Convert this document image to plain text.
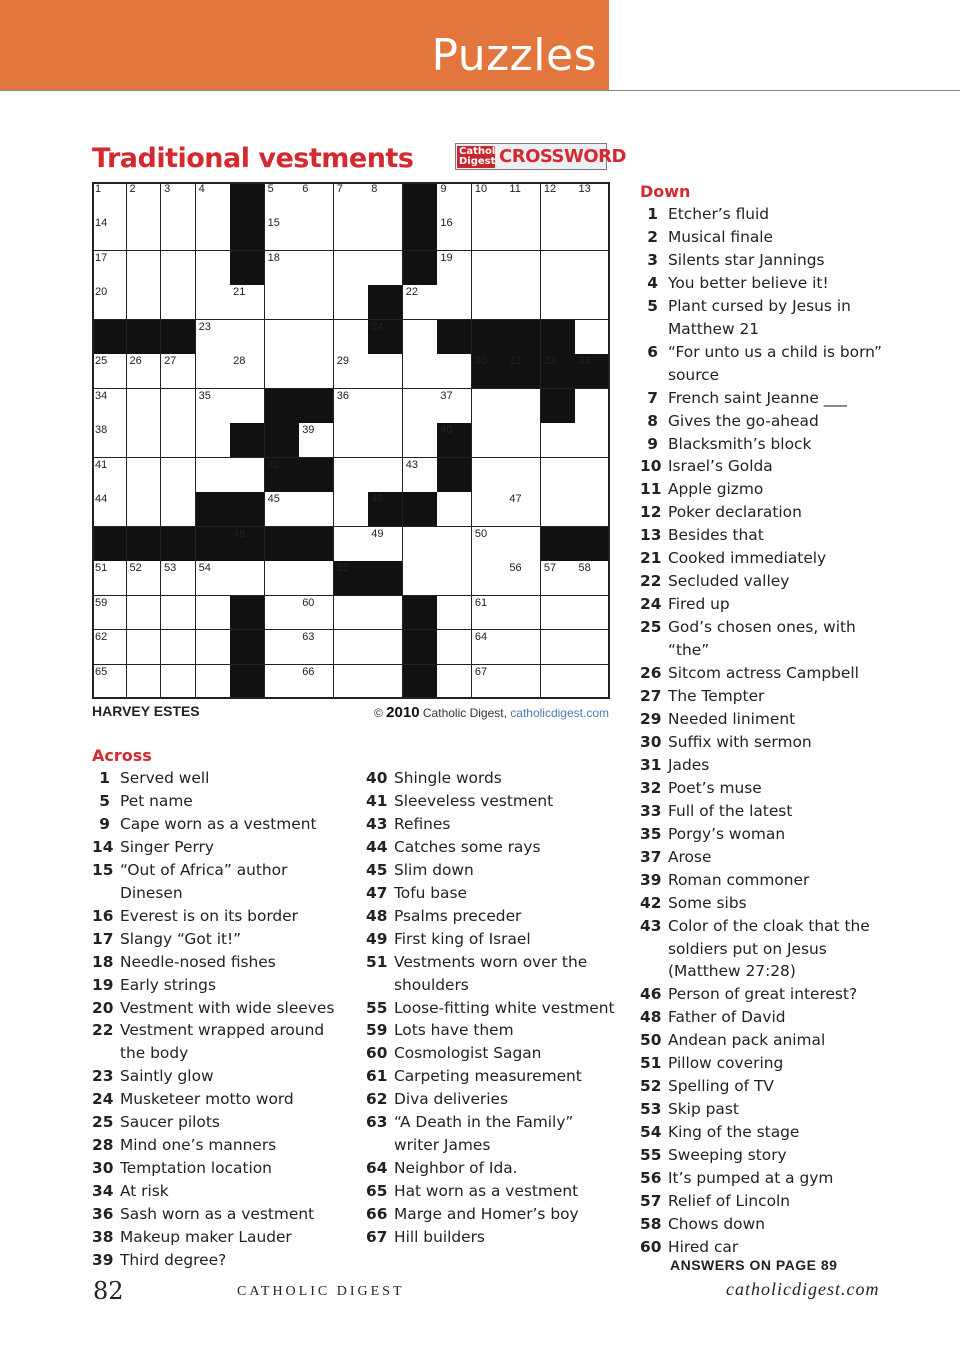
Puzzles
Traditional vestments	Catholic Digest CROSSWORD
1	2	3	4	5	6	7	8	9	10 11 12 13
14	15	16
17	18	19
20	21	22
23	24
25 26 27	28	29	30 31 32 33
34	35	36	37
38	39	40
41	42	43
44	45	46	47
48	49	50
51 52 53 54	55	56 57 58
59	60	61
62	63	64
65	66	67
HARVEY ESTES	© 2010 Catholic Digest, catholicdigest.com
Across
1 Served well
5 Pet name
9 Cape worn as a vestment
14 Singer Perry
15 “Out of Africa” author Dinesen
16 Everest is on its border
17 Slangy “Got it!”
18 Needle-nosed fishes
19 Early strings
20 Vestment with wide sleeves
22 Vestment wrapped around the body
23 Saintly glow
24 Musketeer motto word
25 Saucer pilots
28 Mind one’s manners
30 Temptation location
34 At risk
36 Sash worn as a vestment
38 Makeup maker Lauder
39 Third degree?
40 Shingle words
41 Sleeveless vestment
43 Refines
44 Catches some rays
45 Slim down
47 Tofu base
48 Psalms preceder
49 First king of Israel
51 Vestments worn over the shoulders
55 Loose-fitting white vestment
59 Lots have them
60 Cosmologist Sagan
61 Carpeting measurement
62 Diva deliveries
63 “A Death in the Family” writer James
64 Neighbor of Ida.
65 Hat worn as a vestment
66 Marge and Homer’s boy
67 Hill builders
Down
1 Etcher’s fluid
2 Musical finale
3 Silents star Jannings
4 You better believe it!
5 Plant cursed by Jesus in Matthew 21
6 “For unto us a child is born” source
7 French saint Jeanne ___
8 Gives the go-ahead
9 Blacksmith’s block
10 Israel’s Golda
11 Apple gizmo
12 Poker declaration
13 Besides that
21 Cooked immediately
22 Secluded valley
24 Fired up
25 God’s chosen ones, with “the”
26 Sitcom actress Campbell
27 The Tempter
29 Needed liniment
30 Suffix with sermon
31 Jades
32 Poet’s muse
33 Full of the latest
35 Porgy’s woman
37 Arose
39 Roman commoner
42 Some sibs
43 Color of the cloak that the soldiers put on Jesus (Matthew 27:28)
46 Person of great interest?
48 Father of David
50 Andean pack animal
51 Pillow covering
52 Spelling of TV
53 Skip past
54 King of the stage
55 Sweeping story
56 It’s pumped at a gym
57 Relief of Lincoln
58 Chows down
60 Hired car
ANSWERS ON PAGE 89
82	CATHOLIC DIGEST	catholicdigest.com
